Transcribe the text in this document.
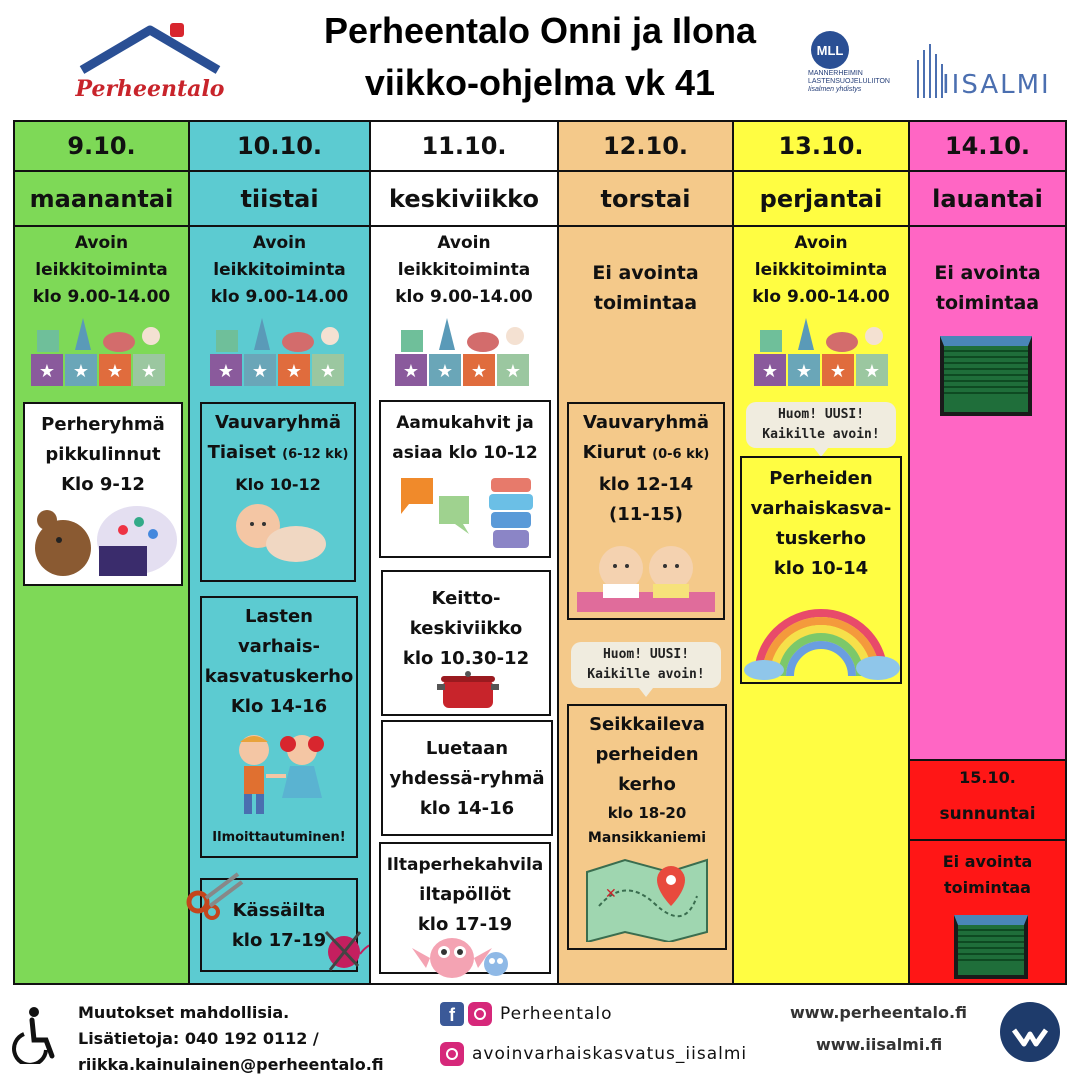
Perheentalo
Perheentalo Onni ja Ilona
viikko-ohjelma vk 41
MLL
MANNERHEIMIN
LASTENSUOJELULIITON
Iisalmen yhdistys	IISALMI
9.10.
maanantai
Avoin
leikkitoiminta
klo 9.00-14.00
★ ★ ★ ★
Perheryhmä
pikkulinnut
Klo 9-12
10.10.
tiistai
Avoin
leikkitoiminta
klo 9.00-14.00
★ ★ ★ ★
Vauvaryhmä
Tiaiset (6-12 kk)
Klo 10-12
Lasten
varhais-
kasvatuskerho
Klo 14-16
Ilmoittautuminen!
Kässäilta
klo 17-19
11.10.
keskiviikko
Avoin
leikkitoiminta
klo 9.00-14.00
★ ★ ★ ★
Aamukahvit ja
asiaa klo 10-12
Keitto-
keskiviikko
klo 10.30-12
Luetaan
yhdessä-ryhmä
klo 14-16
Iltaperhekahvila
iltapöllöt
klo 17-19
12.10.
torstai
Ei avointa
toimintaa
Vauvaryhmä
Kiurut (0-6 kk)
klo 12-14
(11-15)
Huom! UUSI!
Kaikille avoin!
Seikkaileva
perheiden
kerho
klo 18-20
Mansikkaniemi
✕
13.10.
perjantai
Avoin
leikkitoiminta
klo 9.00-14.00
★ ★ ★ ★
Huom! UUSI!
Kaikille avoin!
Perheiden
varhaiskasva-
tuskerho
klo 10-14
14.10.
lauantai
Ei avointa
toimintaa
15.10.
sunnuntai
Ei avointa
toimintaa
Muutokset mahdollisia.
Lisätietoja: 040 192 0112 /
riikka.kainulainen@perheentalo.fi
f	Perheentalo
avoinvarhaiskasvatus_iisalmi
www.perheentalo.fi
www.iisalmi.fi
